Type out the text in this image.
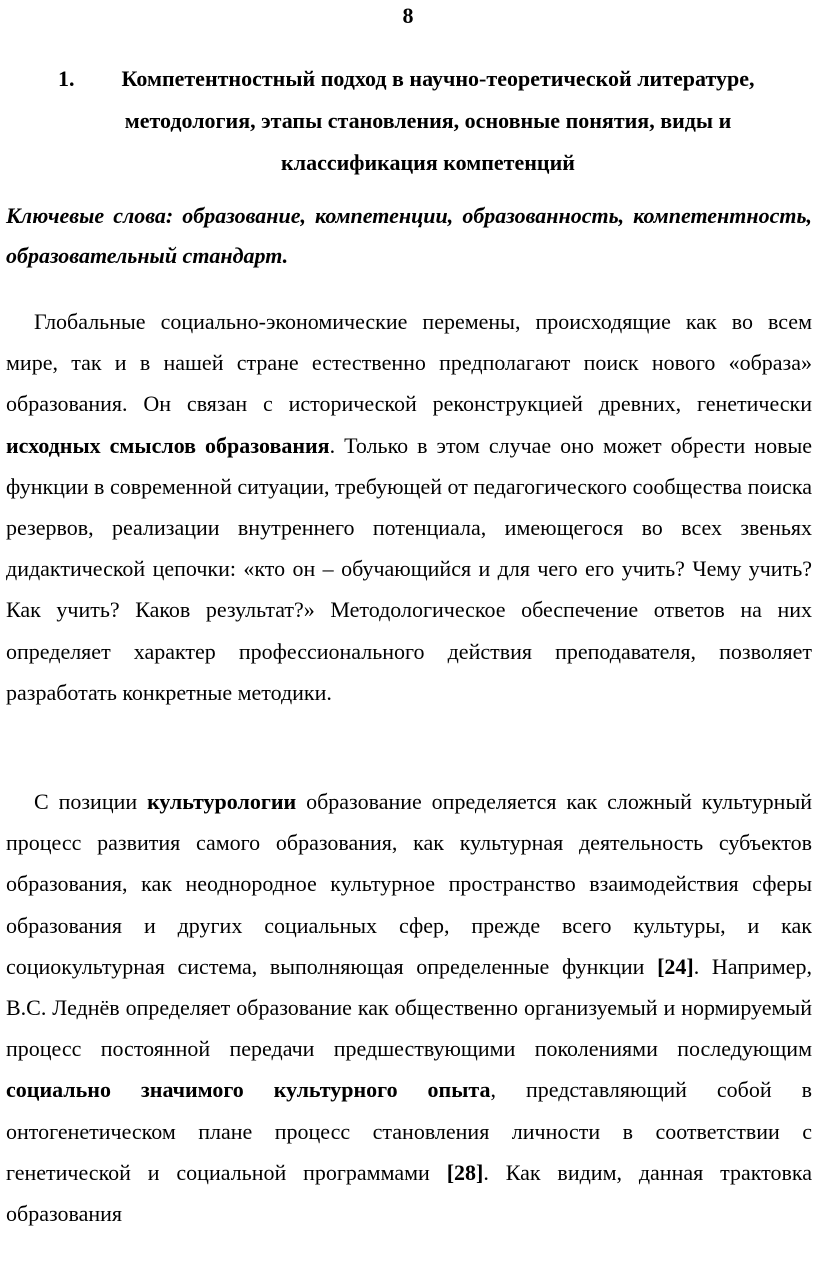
8
1.	Компетентностный подход в научно-теоретической литературе,
методология, этапы становления, основные понятия, виды и
классификация компетенций
Ключевые слова: образование, компетенции, образованность, компетентность, образовательный стандарт.

Глобальные социально-экономические перемены, происходящие как во всем мире, так и в нашей стране естественно предполагают поиск нового «образа» образования. Он связан с исторической реконструкцией древних, генетически исходных смыслов образования. Только в этом случае оно может обрести новые функции в современной ситуации, требующей от педагогического сообщества поиска резервов, реализации внутреннего потенциала, имеющегося во всех звеньях дидактической цепочки: «кто он – обучающийся и для чего его учить? Чему учить? Как учить? Каков результат?» Методологическое обеспечение ответов на них определяет характер профессионального действия преподавателя, позволяет разработать конкретные методики.

С позиции культурологии образование определяется как сложный культурный процесс развития самого образования, как культурная деятельность субъектов образования, как неоднородное культурное пространство взаимодействия сферы образования и других социальных сфер, прежде всего культуры, и как социокультурная система, выполняющая определенные функции [24]. Например, В.С. Леднёв определяет образование как общественно организуемый и нормируемый процесс постоянной передачи предшествующими поколениями последующим социально значимого культурного опыта, представляющий собой в онтогенетическом плане процесс становления личности в соответствии с генетической и социальной программами [28]. Как видим, данная трактовка образования
